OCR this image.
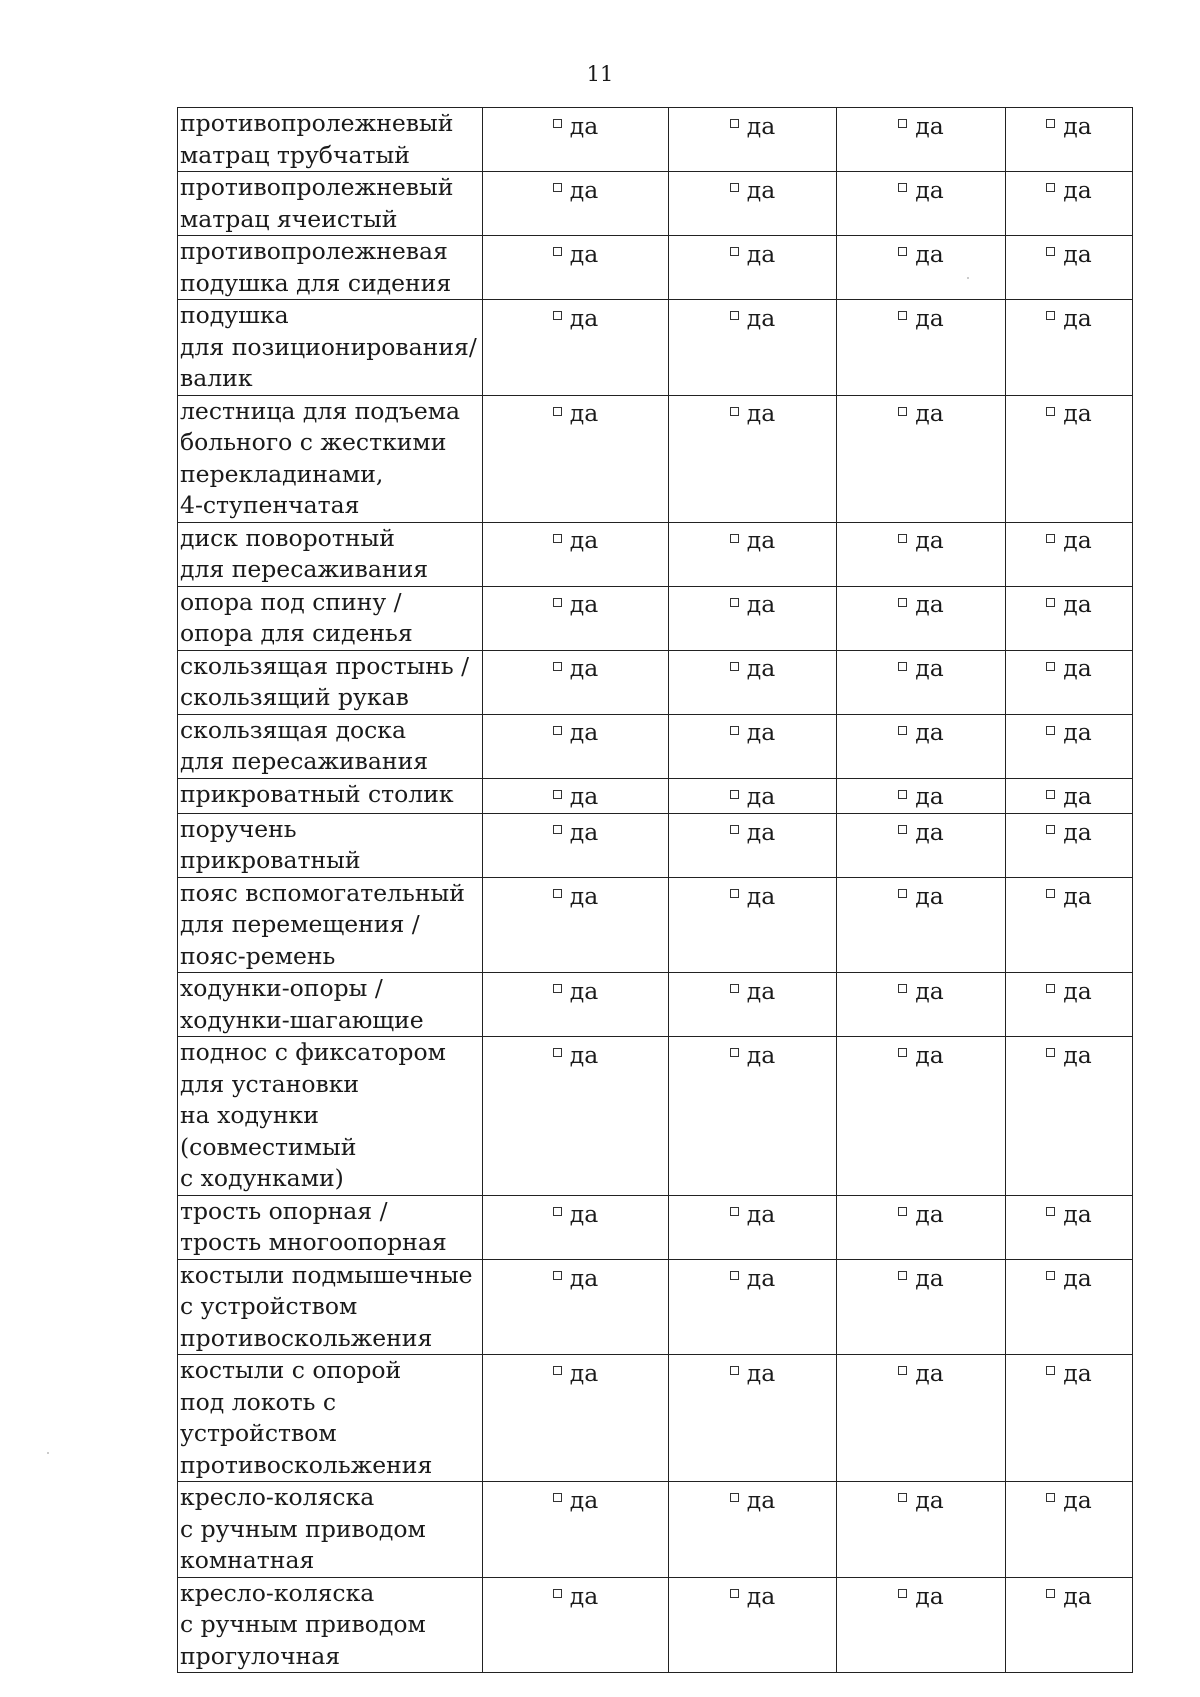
11
противопролежневый
матрац трубчатый	да	да	да	да

противопролежневый
матрац ячеистый	да	да	да	да

противопролежневая
подушка для сидения	да	да	да	да

подушка
для позиционирования/
валик	да	да	да	да

лестница для подъема
больного с жесткими
перекладинами,
4-ступенчатая	да	да	да	да

диск поворотный
для пересаживания	да	да	да	да

опора под спину /
опора для сиденья	да	да	да	да

скользящая простынь /
скользящий рукав	да	да	да	да

скользящая доска
для пересаживания	да	да	да	да

прикроватный столик	да	да	да	да

поручень прикроватный	да	да	да	да

пояс вспомогательный
для перемещения /
пояс-ремень	да	да	да	да

ходунки-опоры /
ходунки-шагающие	да	да	да	да

поднос с фиксатором
для установки
на ходунки (совместимый
с ходунками)	да	да	да	да

трость опорная /
трость многоопорная	да	да	да	да

костыли подмышечные
с устройством
противоскольжения	да	да	да	да

костыли с опорой
под локоть с устройством
противоскольжения	да	да	да	да

кресло-коляска
с ручным приводом
комнатная	да	да	да	да

кресло-коляска
с ручным приводом
прогулочная	да	да	да	да
